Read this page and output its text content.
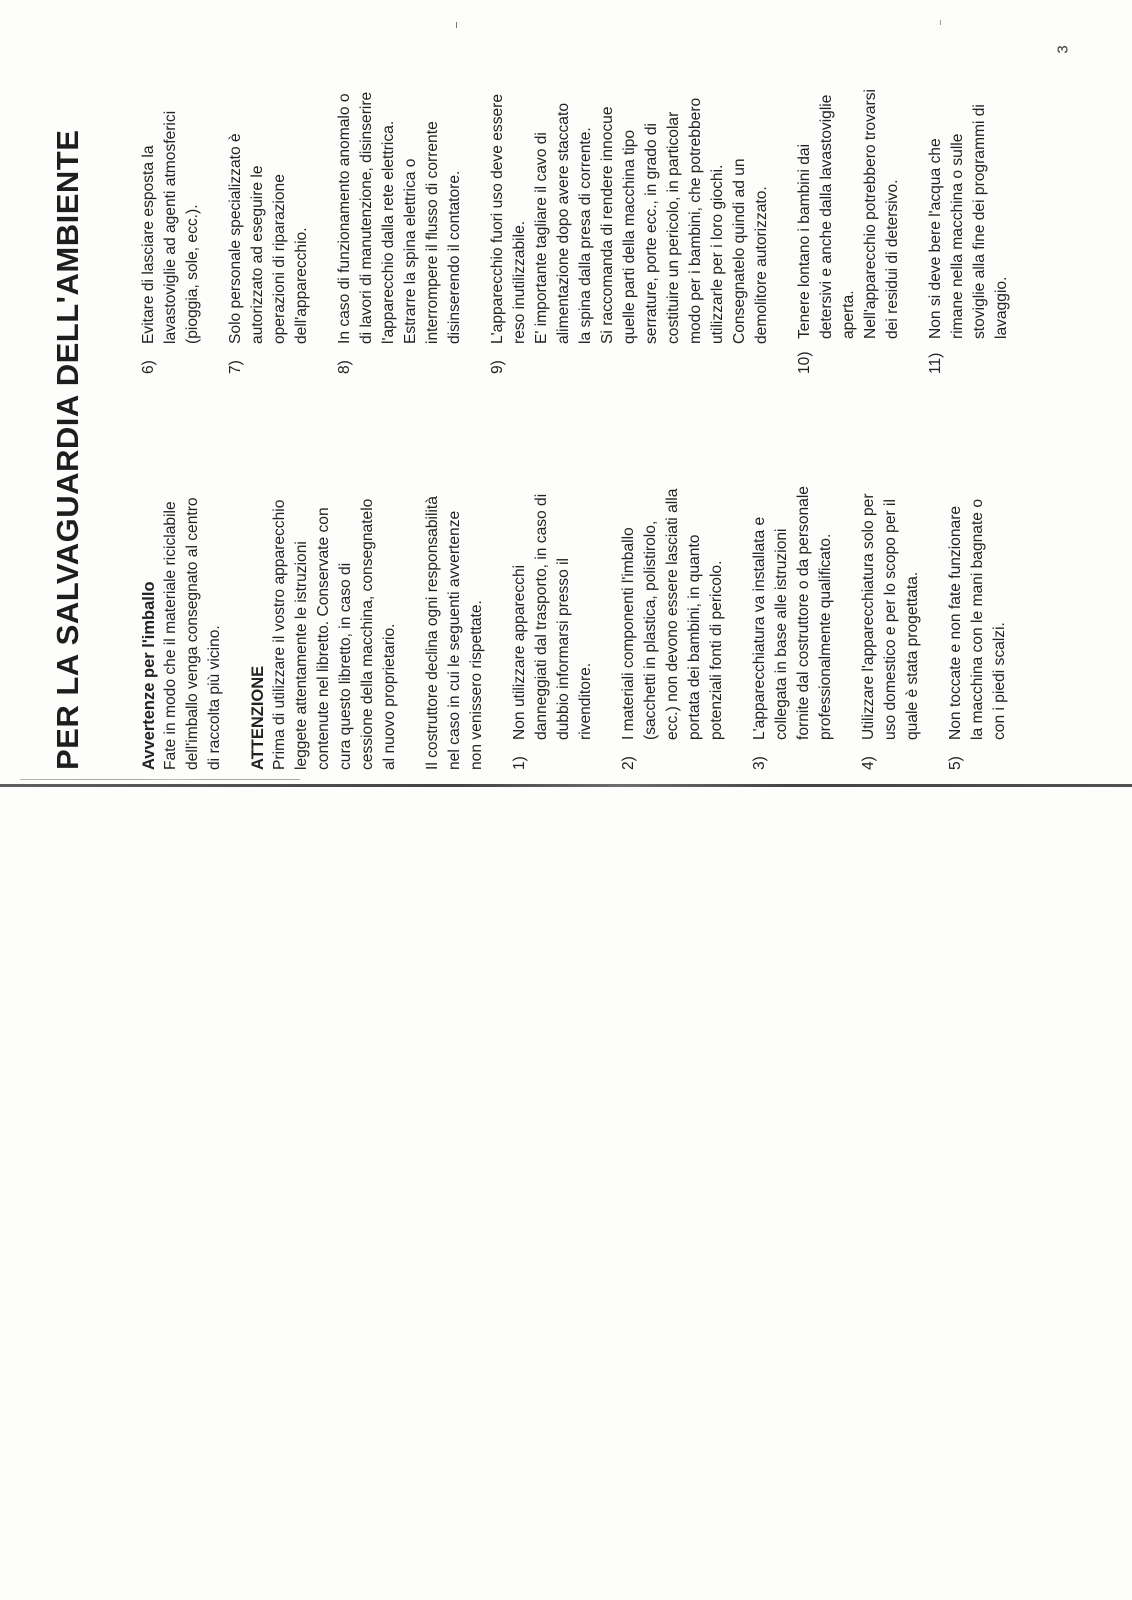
3
PER LA SALVAGUARDIA DELL'AMBIENTE	Avvertenze per l'imballo Fate in modo che il materiale riciclabile dell'imballo venga consegnato al centro di raccolta più vicino. ATTENZIONE Prima di utilizzare il vostro apparecchio leggete attentamente le istruzioni contenute nel libretto. Conservate con cura questo libretto, in caso di cessione della macchina, consegnatelo al nuovo proprietario. Il costruttore declina ogni responsabilità nel caso in cui le seguenti avvertenze non venissero rispettate. 1)
Non utilizzare apparecchi danneggiati dal trasporto, in caso di dubbio informarsi presso il rivenditore.
2)
I materiali componenti l'imballo (sacchetti in plastica, polistirolo, ecc.) non devono essere lasciati alla portata dei bambini, in quanto potenziali fonti di pericolo.
3)
L'apparecchiatura va installata e collegata in base alle istruzioni fornite dal costruttore o da personale professionalmente qualificato.
4)
Utilizzare l'apparecchiatura solo per uso domestico e per lo scopo per il quale è stata progettata.
5)
Non toccate e non fate funzionare la macchina con le mani bagnate o con i piedi scalzi.
6)
Evitare di lasciare esposta la lavastoviglie ad agenti atmosferici (pioggia, sole, ecc.).
7)
Solo personale specializzato è autorizzato ad eseguire le operazioni di riparazione dell'apparecchio.
8)
In caso di funzionamento anomalo o di lavori di manutenzione, disinserire l'apparecchio dalla rete elettrica. Estrarre la spina elettrica o interrompere il flusso di corrente disinserendo il contatore.
9)
L'apparecchio fuori uso deve essere reso inutilizzabile. E' importante tagliare il cavo di alimentazione dopo avere staccato la spina dalla presa di corrente. Si raccomanda di rendere innocue quelle parti della macchina tipo serrature, porte ecc., in grado di costituire un pericolo, in particolar modo per i bambini, che potrebbero utilizzarle per i loro giochi. Consegnatelo quindi ad un demolitore autorizzato.
10)
Tenere lontano i bambini dai detersivi e anche dalla lavastoviglie aperta. Nell'apparecchio potrebbero trovarsi dei residui di detersivo.
11)
Non si deve bere l'acqua che rimane nella macchina o sulle stoviglie alla fine dei programmi di lavaggio.
